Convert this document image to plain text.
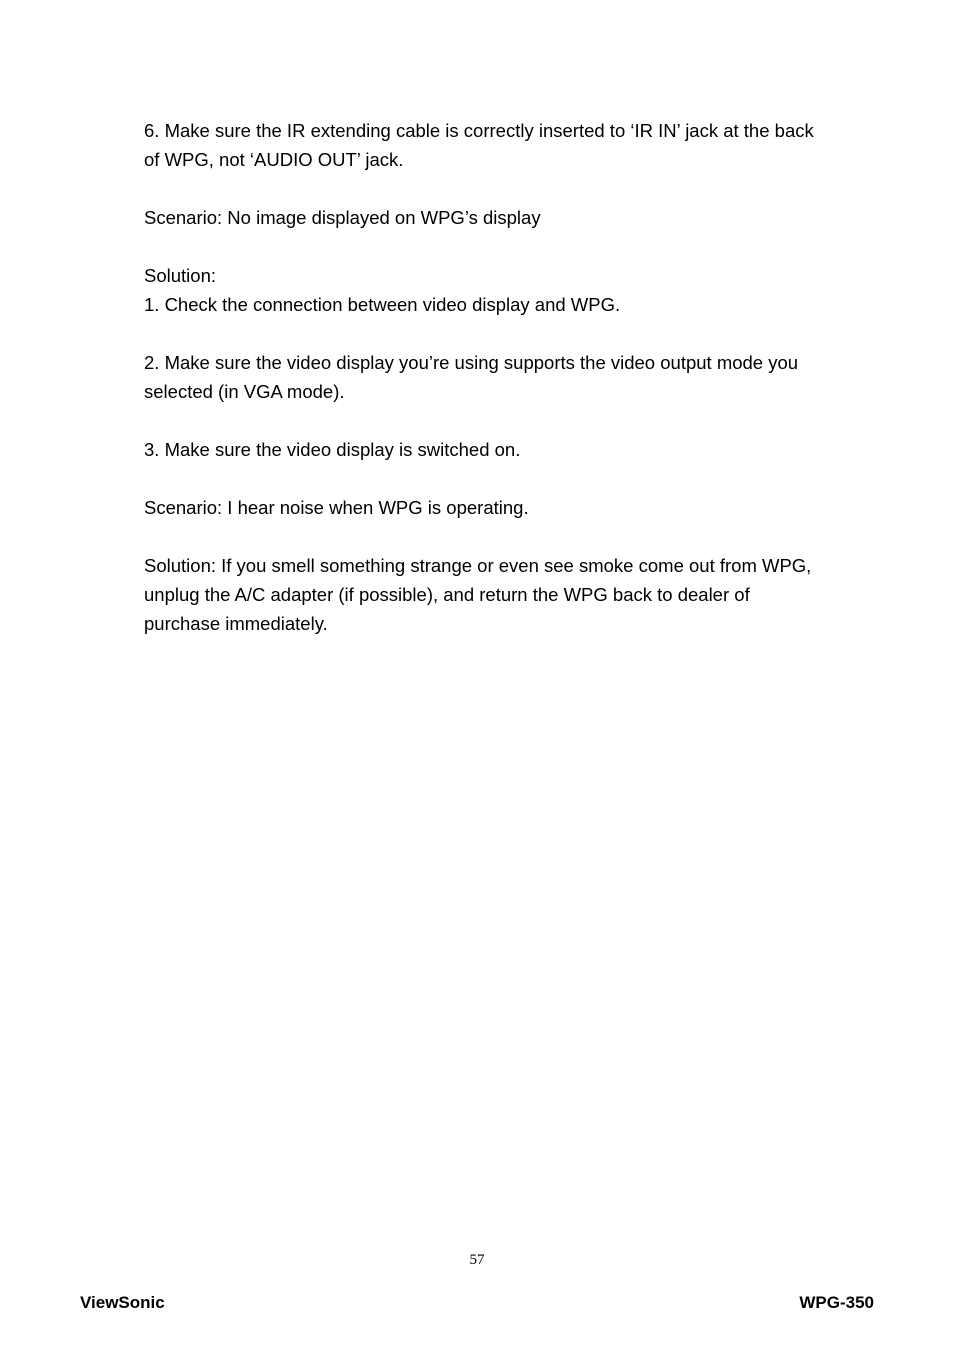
6. Make sure the IR extending cable is correctly inserted to ‘IR IN’ jack at the back of WPG, not ‘AUDIO OUT’ jack.

Scenario: No image displayed on WPG’s display

Solution:

1. Check the connection between video display and WPG.

2. Make sure the video display you’re using supports the video output mode you selected (in VGA mode).

3. Make sure the video display is switched on.

Scenario: I hear noise when WPG is operating.

Solution: If you smell something strange or even see smoke come out from WPG, unplug the A/C adapter (if possible), and return the WPG back to dealer of purchase immediately.

57
ViewSonic	WPG-350
